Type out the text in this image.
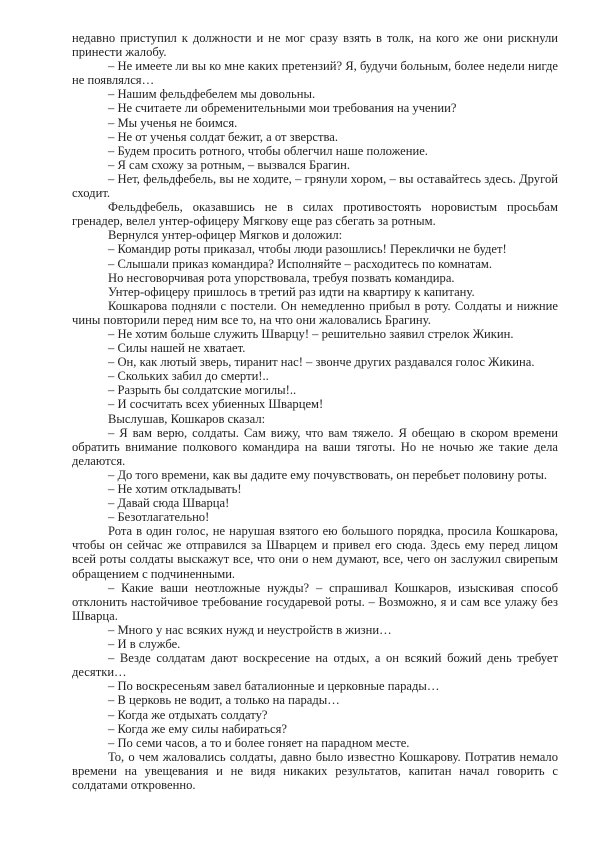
недавно приступил к должности и не мог сразу взять в толк, на кого же они рискнули принести жалобу.

– Не имеете ли вы ко мне каких претензий? Я, будучи больным, более недели нигде не появлялся…

– Нашим фельдфебелем мы довольны.

– Не считаете ли обременительными мои требования на учении?

– Мы ученья не боимся.

– Не от ученья солдат бежит, а от зверства.

– Будем просить ротного, чтобы облегчил наше положение.

– Я сам схожу за ротным, – вызвался Брагин.

– Нет, фельдфебель, вы не ходите, – грянули хором, – вы оставайтесь здесь. Другой сходит.

Фельдфебель, оказавшись не в силах противостоять норовистым просьбам гренадер, велел унтер-офицеру Мягкову еще раз сбегать за ротным.

Вернулся унтер-офицер Мягков и доложил:

– Командир роты приказал, чтобы люди разошлись! Переклички не будет!

– Слышали приказ командира? Исполняйте – расходитесь по комнатам.

Но несговорчивая рота упорствовала, требуя позвать командира.

Унтер-офицеру пришлось в третий раз идти на квартиру к капитану.

Кошкарова подняли с постели. Он немедленно прибыл в роту. Солдаты и нижние чины повторили перед ним все то, на что они жаловались Брагину.

– Не хотим больше служить Шварцу! – решительно заявил стрелок Жикин.

– Силы нашей не хватает.

– Он, как лютый зверь, тиранит нас! – звонче других раздавался голос Жикина.

– Скольких забил до смерти!..

– Разрыть бы солдатские могилы!..

– И сосчитать всех убиенных Шварцем!

Выслушав, Кошкаров сказал:

– Я вам верю, солдаты. Сам вижу, что вам тяжело. Я обещаю в скором времени обратить внимание полкового командира на ваши тяготы. Но не ночью же такие дела делаются.

– До того времени, как вы дадите ему почувствовать, он перебьет половину роты.

– Не хотим откладывать!

– Давай сюда Шварца!

– Безотлагательно!

Рота в один голос, не нарушая взятого ею большого порядка, просила Кошкарова, чтобы он сейчас же отправился за Шварцем и привел его сюда. Здесь ему перед лицом всей роты солдаты выскажут все, что они о нем думают, все, чего он заслужил свирепым обращением с подчиненными.

– Какие ваши неотложные нужды? – спрашивал Кошкаров, изыскивая способ отклонить настойчивое требование государевой роты. – Возможно, я и сам все улажу без Шварца.

– Много у нас всяких нужд и неустройств в жизни…

– И в службе.

– Везде солдатам дают воскресение на отдых, а он всякий божий день требует десятки…

– По воскресеньям завел баталионные и церковные парады…

– В церковь не водит, а только на парады…

– Когда же отдыхать солдату?

– Когда же ему силы набираться?

– По семи часов, а то и более гоняет на парадном месте.

То, о чем жаловались солдаты, давно было известно Кошкарову. Потратив немало времени на увещевания и не видя никаких результатов, капитан начал говорить с солдатами откровенно.
